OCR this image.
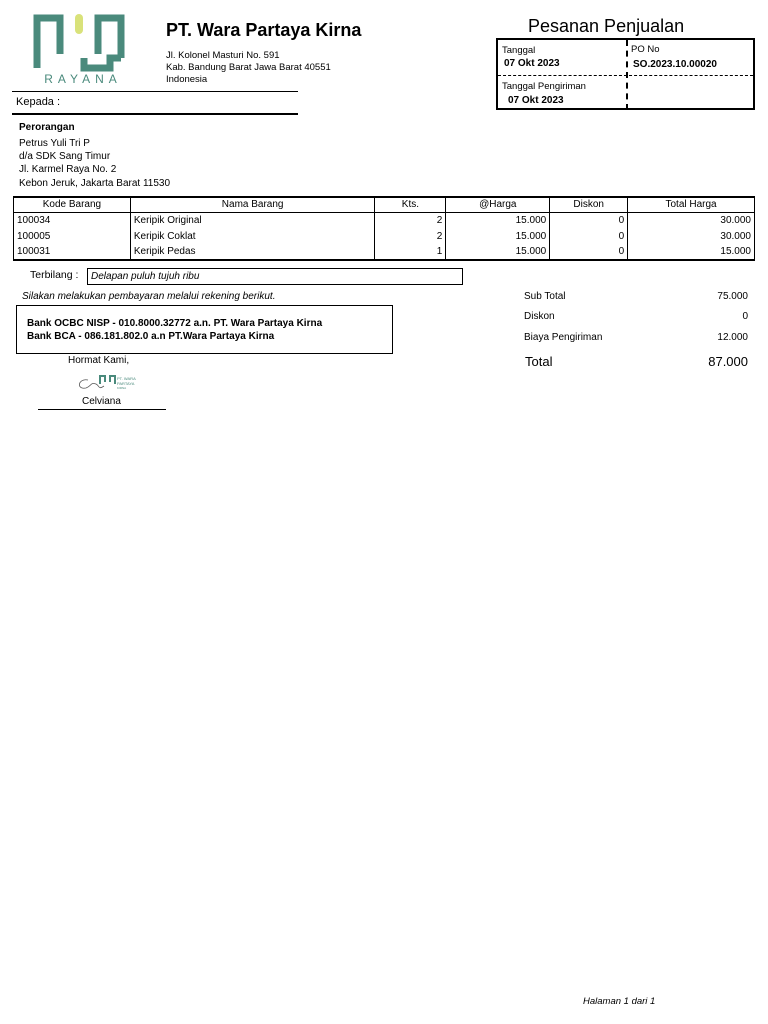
RAYANA
PT. Wara Partaya Kirna
Jl. Kolonel Masturi No. 591
Kab. Bandung Barat Jawa Barat 40551
Indonesia
Pesanan Penjualan
Tanggal
07 Okt 2023
PO No
SO.2023.10.00020
Tanggal Pengiriman
07 Okt 2023
Kepada :
Perorangan
Petrus Yuli Tri P
d/a SDK Sang Timur
Jl. Karmel Raya No. 2
Kebon Jeruk, Jakarta Barat 11530
Kode Barang	Nama Barang	Kts.	@Harga	Diskon	Total Harga
100034	Keripik Original	2	15.000	0	30.000
100005	Keripik Coklat	2	15.000	0	30.000
100031	Keripik Pedas	1	15.000	0	15.000
Terbilang :	Delapan puluh tujuh ribu
Silakan melakukan pembayaran melalui rekening berikut.
Bank OCBC NISP - 010.8000.32772 a.n. PT. Wara Partaya Kirna
Bank BCA - 086.181.802.0 a.n PT.Wara Partaya Kirna
Sub Total	75.000
Diskon	0
Biaya Pengiriman	12.000
Total	87.000
Hormat Kami,
PT. WARA
PARTAYA
KIRNA
Celviana
Halaman 1 dari 1
